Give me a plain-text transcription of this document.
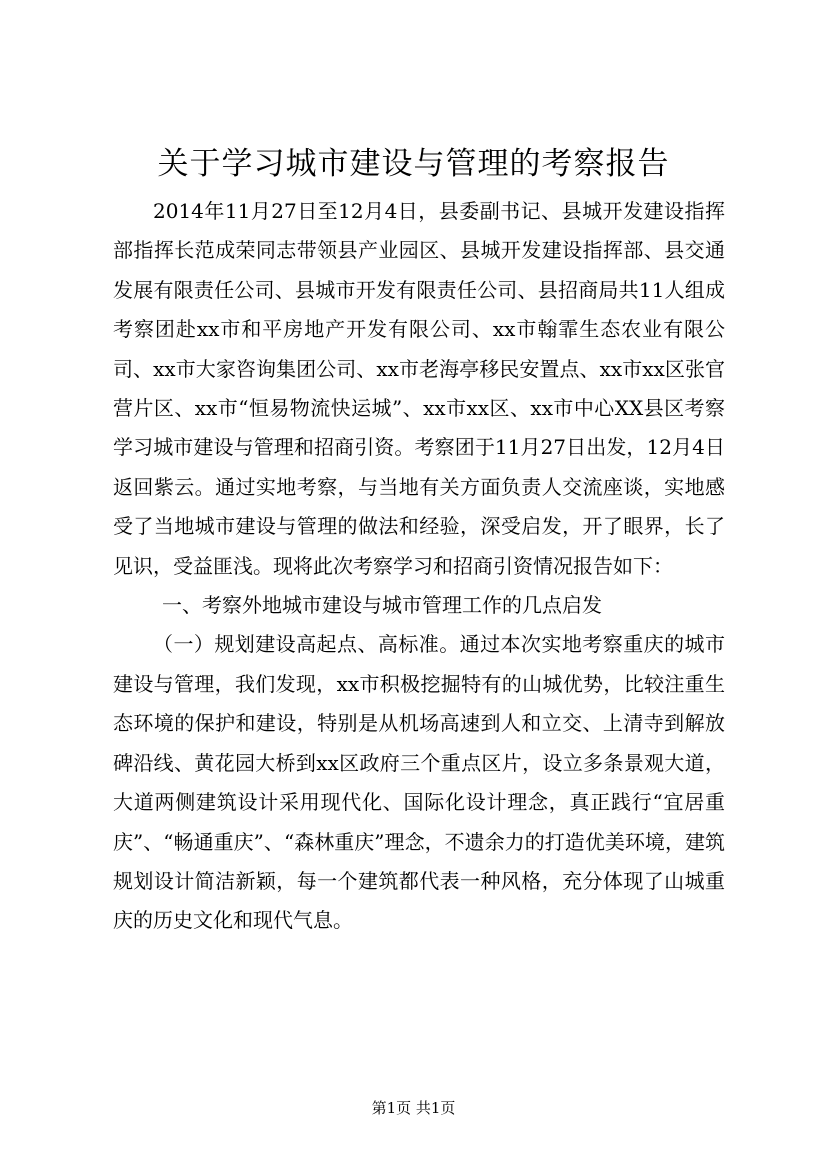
关于学习城市建设与管理的考察报告

2014年11月27日至12月4日，县委副书记、县城开发建设指挥部指挥长范成荣同志带领县产业园区、县城开发建设指挥部、县交通发展有限责任公司、县城市开发有限责任公司、县招商局共11人组成考察团赴xx市和平房地产开发有限公司、xx市翰霏生态农业有限公司、xx市大家咨询集团公司、xx市老海亭移民安置点、xx市xx区张官营片区、xx市“恒易物流快运城”、xx市xx区、xx市中心XX县区考察学习城市建设与管理和招商引资。考察团于11月27日出发，12月4日返回紫云。通过实地考察，与当地有关方面负责人交流座谈，实地感受了当地城市建设与管理的做法和经验，深受启发，开了眼界，长了见识，受益匪浅。现将此次考察学习和招商引资情况报告如下：

一、考察外地城市建设与城市管理工作的几点启发

（一）规划建设高起点、高标准。通过本次实地考察重庆的城市建设与管理，我们发现，xx市积极挖掘特有的山城优势，比较注重生态环境的保护和建设，特别是从机场高速到人和立交、上清寺到解放碑沿线、黄花园大桥到xx区政府三个重点区片，设立多条景观大道，大道两侧建筑设计采用现代化、国际化设计理念，真正践行“宜居重庆”、“畅通重庆”、“森林重庆”理念，不遗余力的打造优美环境，建筑规划设计简洁新颖，每一个建筑都代表一种风格，充分体现了山城重庆的历史文化和现代气息。

第1页 共1页
